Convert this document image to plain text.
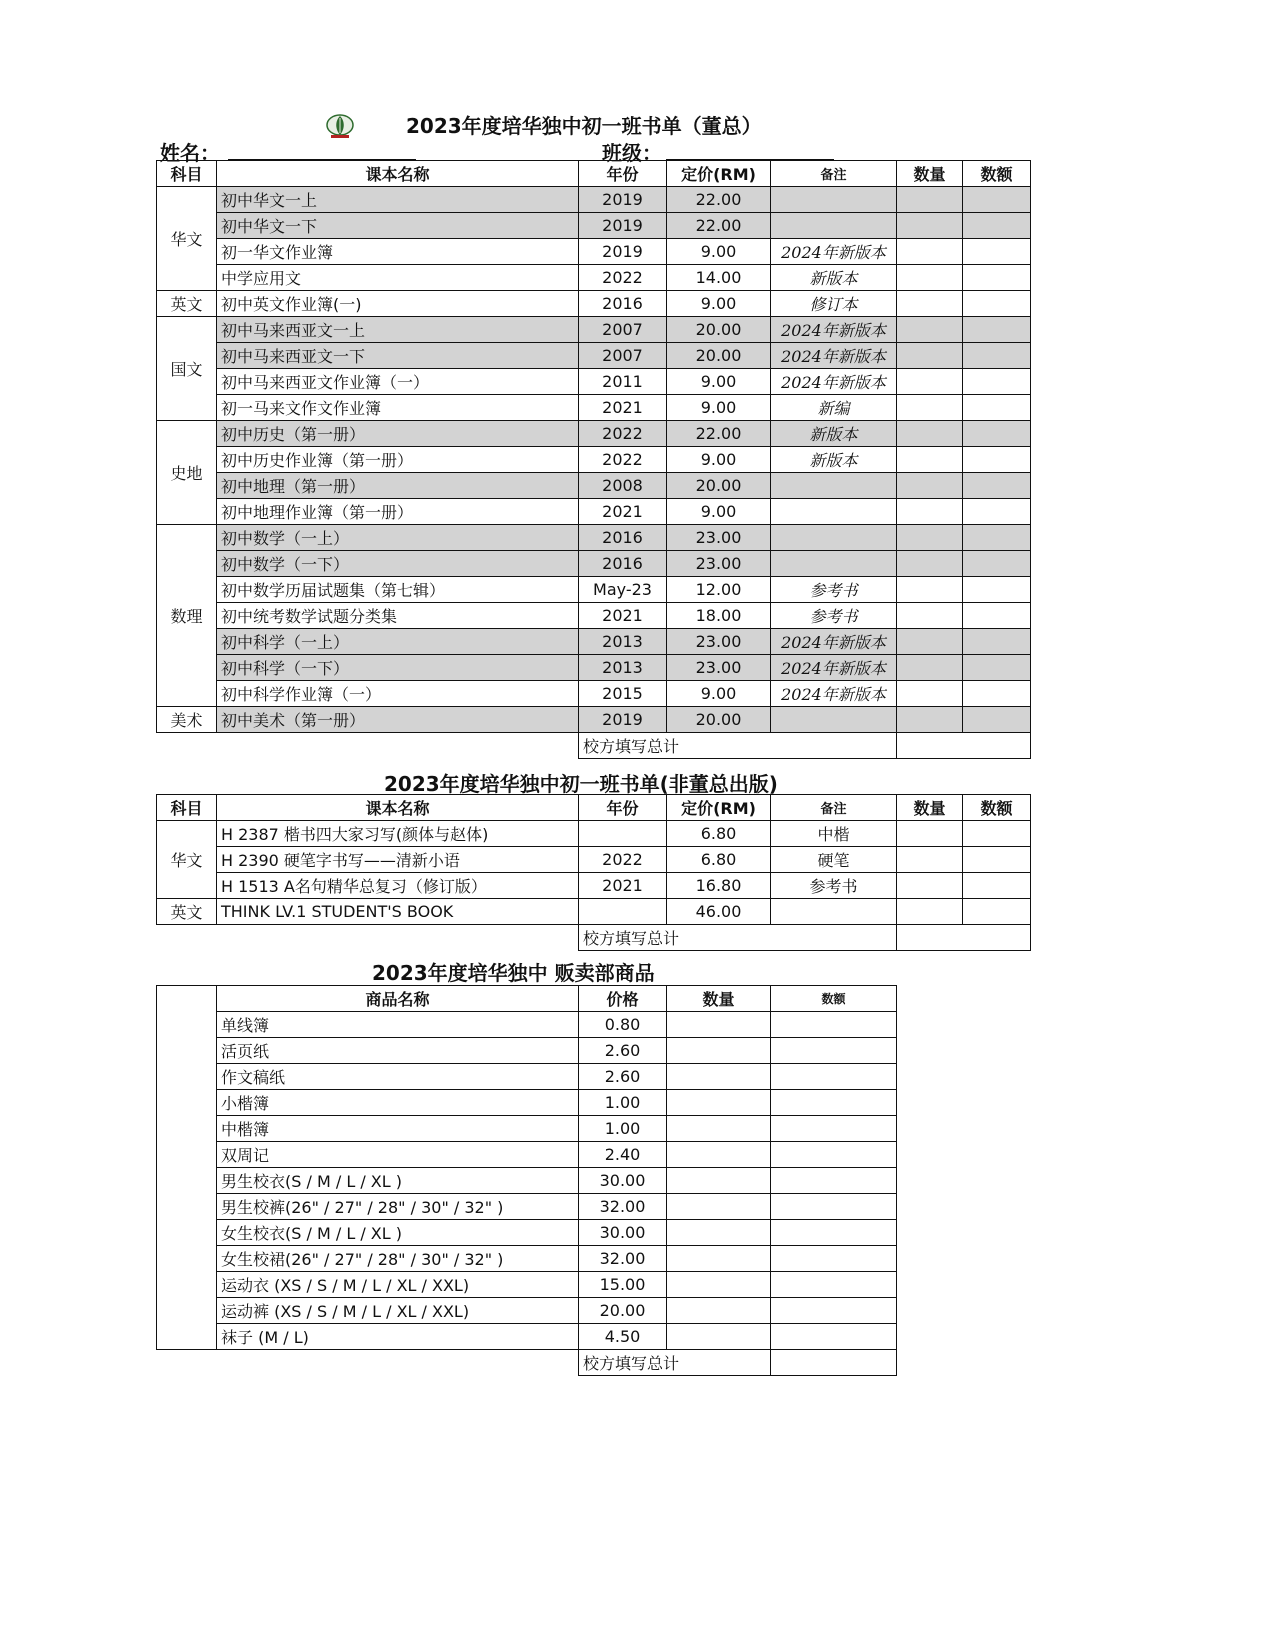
2023年度培华独中初一班书单（董总）
姓名：	班级：
科目	课本名称	年份	定价(RM)	备注	数量	数额
华文	初中华文一上	2019	22.00			
	初中华文一下	2019	22.00			
	初一华文作业簿	2019	9.00	2024年新版本		
	中学应用文	2022	14.00	新版本		
英文	初中英文作业簿(一)	2016	9.00	修订本		
国文	初中马来西亚文一上	2007	20.00	2024年新版本		
	初中马来西亚文一下	2007	20.00	2024年新版本		
	初中马来西亚文作业簿（一）	2011	9.00	2024年新版本		
	初一马来文作文作业簿	2021	9.00	新编		
史地	初中历史（第一册）	2022	22.00	新版本		
	初中历史作业簿（第一册）	2022	9.00	新版本		
	初中地理（第一册）	2008	20.00			
	初中地理作业簿（第一册）	2021	9.00			
数理	初中数学（一上）	2016	23.00			
	初中数学（一下）	2016	23.00			
	初中数学历届试题集（第七辑）	May-23	12.00	参考书		
	初中统考数学试题分类集	2021	18.00	参考书		
	初中科学（一上）	2013	23.00	2024年新版本		
	初中科学（一下）	2013	23.00	2024年新版本		
	初中科学作业簿（一）	2015	9.00	2024年新版本		
美术	初中美术（第一册）	2019	20.00			
		校方填写总计				
2023年度培华独中初一班书单(非董总出版)
科目	课本名称	年份	定价(RM)	备注	数量	数额
华文	H 2387 楷书四大家习写(颜体与赵体)		6.80	中楷		
	H 2390 硬笔字书写——清新小语	2022	6.80	硬笔		
	H 1513 A名句精华总复习（修订版）	2021	16.80	参考书		
英文	THINK LV.1 STUDENT'S BOOK		46.00			
		校方填写总计				
2023年度培华独中 贩卖部商品
	商品名称	价格	数量	数额
	单线簿	0.80		
	活页纸	2.60		
	作文稿纸	2.60		
	小楷簿	1.00		
	中楷簿	1.00		
	双周记	2.40		
	男生校衣(S / M / L / XL )	30.00		
	男生校裤(26" / 27" / 28" / 30" / 32" )	32.00		
	女生校衣(S / M / L / XL )	30.00		
	女生校裙(26" / 27" / 28" / 30" / 32" )	32.00		
	运动衣 (XS / S / M / L / XL / XXL)	15.00		
	运动裤 (XS / S / M / L / XL / XXL)	20.00		
	袜子 (M / L)	4.50		
		校方填写总计		
